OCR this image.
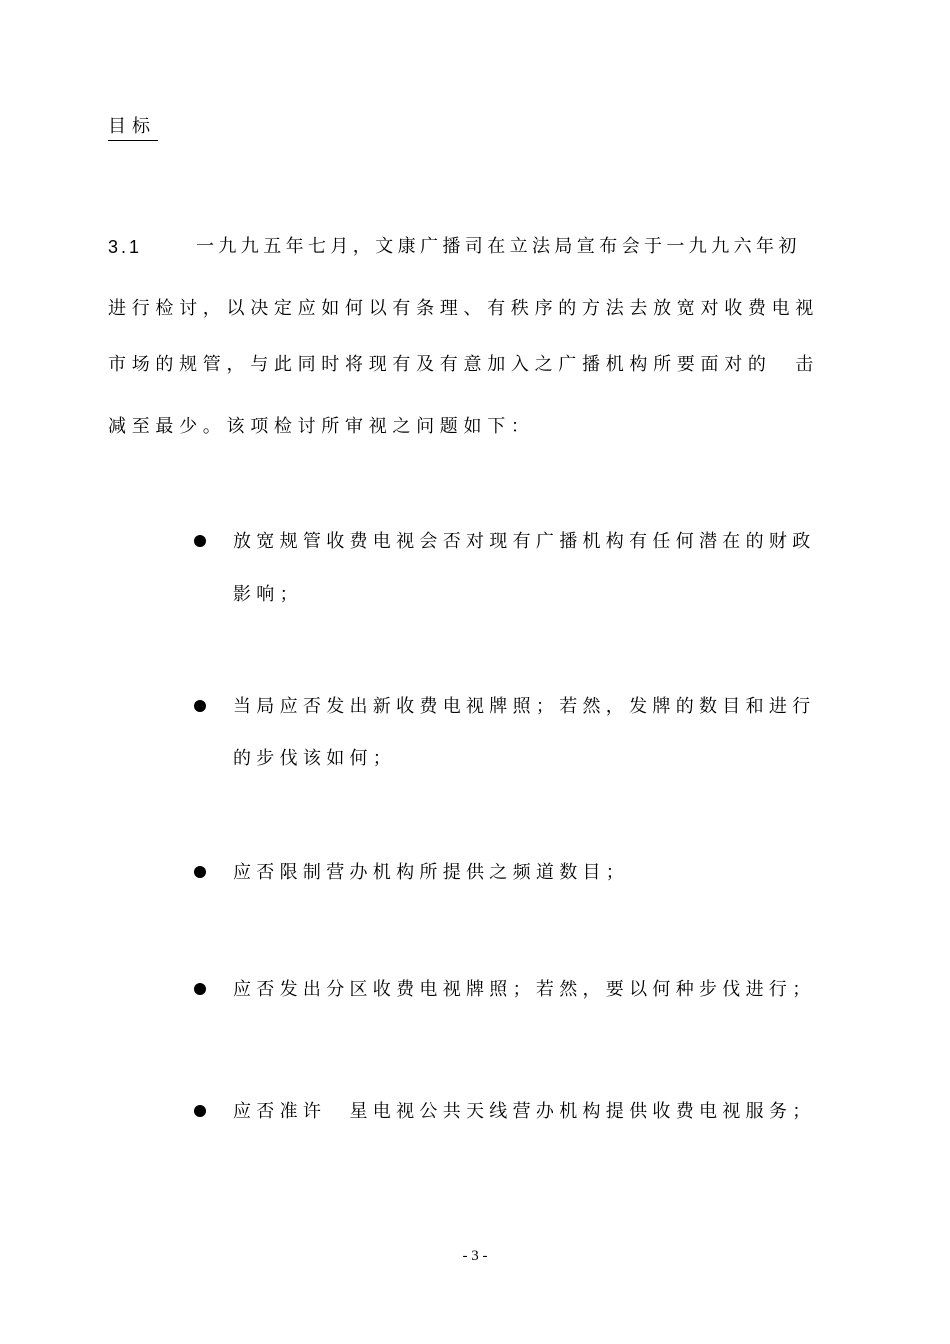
目标
3.1	一九九五年七月，文康广播司在立法局宣布会于一九九六年初
进行检讨，以决定应如何以有条理、有秩序的方法去放宽对收费电视
市场的规管，与此同时将现有及有意加入之广播机构所要面对的　击
减至最少。该项检讨所审视之问题如下：
放宽规管收费电视会否对现有广播机构有任何潜在的财政
影响；
当局应否发出新收费电视牌照；若然，发牌的数目和进行
的步伐该如何；
应否限制营办机构所提供之频道数目；
应否发出分区收费电视牌照；若然，要以何种步伐进行；
应否准许　星电视公共天线营办机构提供收费电视服务；
- 3 -
